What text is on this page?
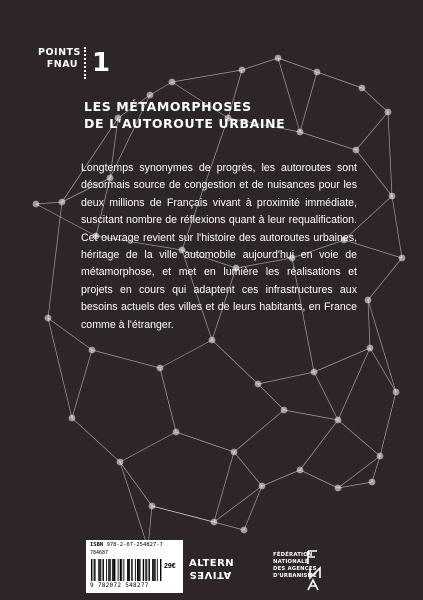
POINTS
FNAU 1
LES MÉTAMORPHOSES
DE L'AUTOROUTE URBAINE
Longtemps synonymes de progrès, les autoroutes sont désormais source de congestion et de nuisances pour les deux millions de Français vivant à proximité immédiate, suscitant nombre de réflexions quant à leur requalification. Cet ouvrage revient sur l'histoire des autoroutes urbaines, héritage de la ville automobile aujourd'hui en voie de métamorphose, et met en lumière les réalisations et projets en cours qui adaptent ces infrastructures aux besoins actuels des villes et de leurs habitants, en France comme à l'étranger.
ISBN 978-2-07-254827-7
784687
9 782072 548277
29€ ALTERN
ATIVES
FÉDÉRATION
NATIONALE
DES AGENCES
D'URBANISME
